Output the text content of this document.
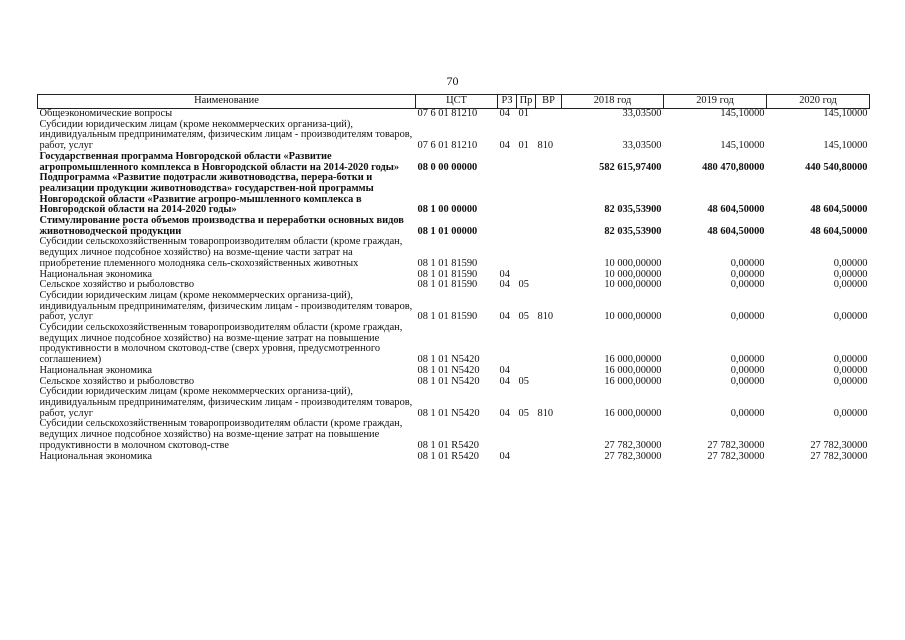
70
Наименование	ЦСТ	РЗ	Пр	ВР	2018 год	2019 год	2020 год
Общеэкономические вопросы	07 6 01 81210	04	01		33,03500	145,10000	145,10000
Субсидии юридическим лицам (кроме некоммерческих организа-ций), индивидуальным предпринимателям, физическим лицам - производителям товаров, работ, услуг	07 6 01 81210	04	01	810	33,03500	145,10000	145,10000
Государственная программа Новгородской области «Развитие агропромышленного комплекса в Новгородской области на 2014-2020 годы»	08 0 00 00000				582 615,97400	480 470,80000	440 540,80000
Подпрограмма «Развитие подотрасли животноводства, перера-ботки и реализации продукции животноводства» государствен-ной программы Новгородской области «Развитие агропро-мышленного комплекса в Новгородской области на 2014-2020 годы»	08 1 00 00000				82 035,53900	48 604,50000	48 604,50000
Стимулирование роста объемов производства и переработки основных видов животноводческой продукции	08 1 01 00000				82 035,53900	48 604,50000	48 604,50000
Субсидии сельскохозяйственным товаропроизводителям области (кроме граждан, ведущих личное подсобное хозяйство) на возме-щение части затрат на приобретение племенного молодняка сель-скохозяйственных животных	08 1 01 81590				10 000,00000	0,00000	0,00000
Национальная экономика	08 1 01 81590	04			10 000,00000	0,00000	0,00000
Сельское хозяйство и рыболовство	08 1 01 81590	04	05		10 000,00000	0,00000	0,00000
Субсидии юридическим лицам (кроме некоммерческих организа-ций), индивидуальным предпринимателям, физическим лицам - производителям товаров, работ, услуг	08 1 01 81590	04	05	810	10 000,00000	0,00000	0,00000
Субсидии сельскохозяйственным товаропроизводителям области (кроме граждан, ведущих личное подсобное хозяйство) на возме-щение затрат на повышение продуктивности в молочном скотовод-стве (сверх уровня, предусмотренного соглашением)	08 1 01 N5420				16 000,00000	0,00000	0,00000
Национальная экономика	08 1 01 N5420	04			16 000,00000	0,00000	0,00000
Сельское хозяйство и рыболовство	08 1 01 N5420	04	05		16 000,00000	0,00000	0,00000
Субсидии юридическим лицам (кроме некоммерческих организа-ций), индивидуальным предпринимателям, физическим лицам - производителям товаров, работ, услуг	08 1 01 N5420	04	05	810	16 000,00000	0,00000	0,00000
Субсидии сельскохозяйственным товаропроизводителям области (кроме граждан, ведущих личное подсобное хозяйство) на возме-щение затрат на повышение продуктивности в молочном скотовод-стве	08 1 01 R5420				27 782,30000	27 782,30000	27 782,30000
Национальная экономика	08 1 01 R5420	04			27 782,30000	27 782,30000	27 782,30000
